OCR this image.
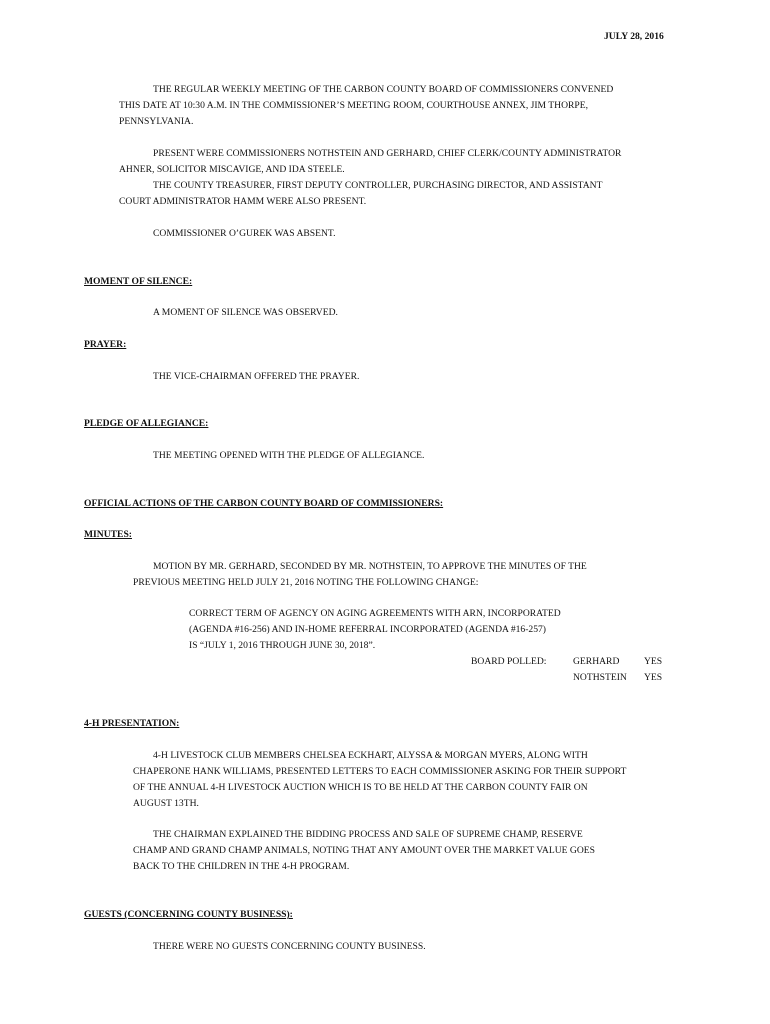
JULY 28, 2016
THE REGULAR WEEKLY MEETING OF THE CARBON COUNTY BOARD OF COMMISSIONERS CONVENED
THIS DATE AT 10:30 A.M. IN THE COMMISSIONER’S MEETING ROOM, COURTHOUSE ANNEX, JIM THORPE,
PENNSYLVANIA.
PRESENT WERE COMMISSIONERS NOTHSTEIN AND GERHARD, CHIEF CLERK/COUNTY ADMINISTRATOR
AHNER, SOLICITOR MISCAVIGE, AND IDA STEELE.
THE COUNTY TREASURER, FIRST DEPUTY CONTROLLER, PURCHASING DIRECTOR, AND ASSISTANT
COURT ADMINISTRATOR HAMM WERE ALSO PRESENT.
COMMISSIONER O’GUREK WAS ABSENT.
MOMENT OF SILENCE:
A MOMENT OF SILENCE WAS OBSERVED.
PRAYER:
THE VICE-CHAIRMAN OFFERED THE PRAYER.
PLEDGE OF ALLEGIANCE:
THE MEETING OPENED WITH THE PLEDGE OF ALLEGIANCE.
OFFICIAL ACTIONS OF THE CARBON COUNTY BOARD OF COMMISSIONERS:
MINUTES:
MOTION BY MR. GERHARD, SECONDED BY MR. NOTHSTEIN, TO APPROVE THE MINUTES OF THE
PREVIOUS MEETING HELD JULY 21, 2016 NOTING THE FOLLOWING CHANGE:
CORRECT TERM OF AGENCY ON AGING AGREEMENTS WITH ARN, INCORPORATED
(AGENDA #16-256) AND IN-HOME REFERRAL INCORPORATED (AGENDA #16-257)
IS “JULY 1, 2016 THROUGH JUNE 30, 2018”.
BOARD POLLED:	GERHARD	YES
NOTHSTEIN YES
4-H PRESENTATION:
4-H LIVESTOCK CLUB MEMBERS CHELSEA ECKHART, ALYSSA & MORGAN MYERS, ALONG WITH
CHAPERONE HANK WILLIAMS, PRESENTED LETTERS TO EACH COMMISSIONER ASKING FOR THEIR SUPPORT
OF THE ANNUAL 4-H LIVESTOCK AUCTION WHICH IS TO BE HELD AT THE CARBON COUNTY FAIR ON
AUGUST 13TH.
THE CHAIRMAN EXPLAINED THE BIDDING PROCESS AND SALE OF SUPREME CHAMP, RESERVE
CHAMP AND GRAND CHAMP ANIMALS, NOTING THAT ANY AMOUNT OVER THE MARKET VALUE GOES
BACK TO THE CHILDREN IN THE 4-H PROGRAM.
GUESTS (CONCERNING COUNTY BUSINESS):
THERE WERE NO GUESTS CONCERNING COUNTY BUSINESS.
